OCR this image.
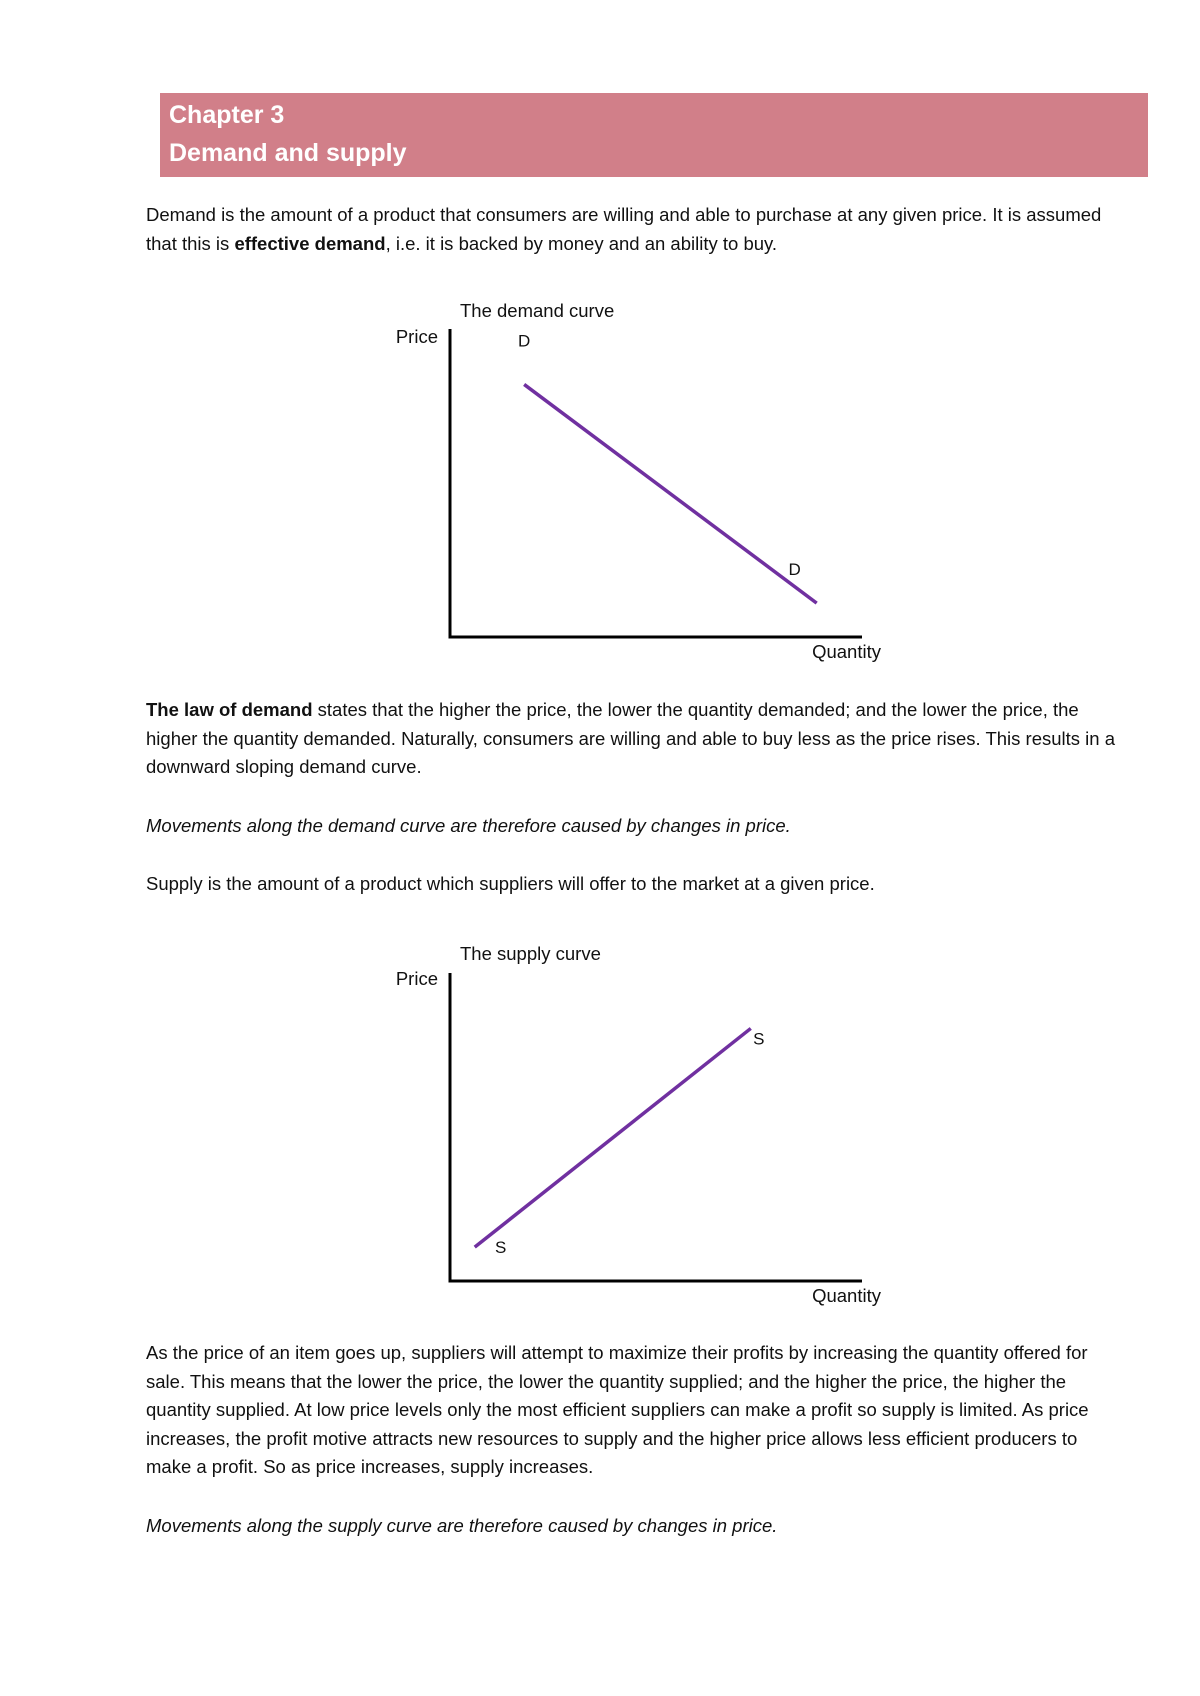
Chapter 3
Demand and supply

Demand is the amount of a product that consumers are willing and able to purchase at any given price. It is assumed that this is effective demand, i.e. it is backed by money and an ability to buy.

The demand curve
Price
Quantity
D
D

The law of demand states that the higher the price, the lower the quantity demanded; and the lower the price, the higher the quantity demanded. Naturally, consumers are willing and able to buy less as the price rises. This results in a downward sloping demand curve.

Movements along the demand curve are therefore caused by changes in price.

Supply is the amount of a product which suppliers will offer to the market at a given price.

The supply curve
Price
Quantity
S
S

As the price of an item goes up, suppliers will attempt to maximize their profits by increasing the quantity offered for sale. This means that the lower the price, the lower the quantity supplied; and the higher the price, the higher the quantity supplied. At low price levels only the most efficient suppliers can make a profit so supply is limited. As price increases, the profit motive attracts new resources to supply and the higher price allows less efficient producers to make a profit. So as price increases, supply increases.

Movements along the supply curve are therefore caused by changes in price.
